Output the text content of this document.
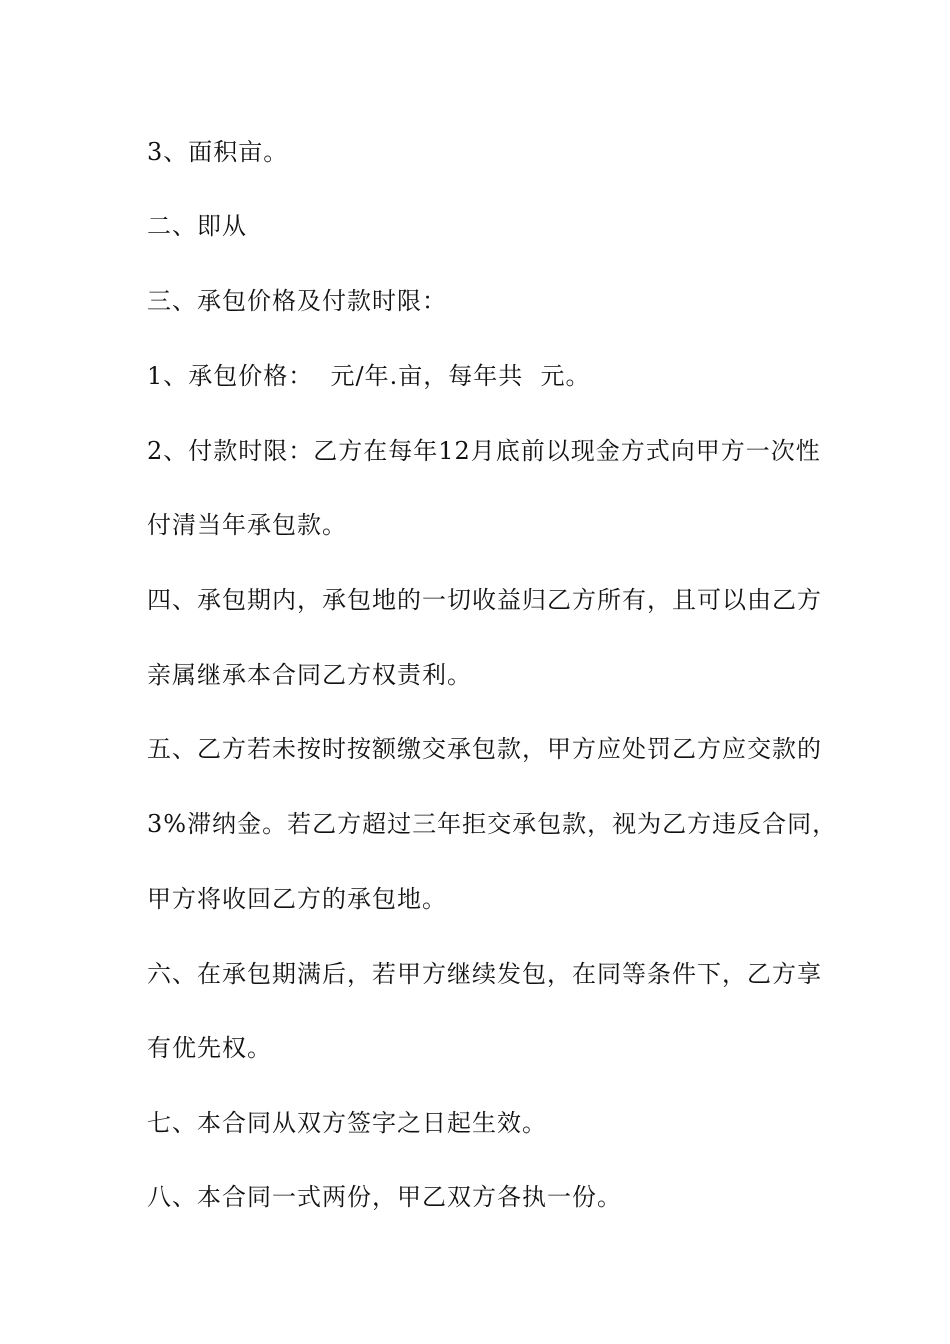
3、面积亩。
二、即从
三、承包价格及付款时限：
1、承包价格：  元/年.亩，每年共  元。
2、付款时限：乙方在每年12月底前以现金方式向甲方一次性
付清当年承包款。
四、承包期内，承包地的一切收益归乙方所有，且可以由乙方
亲属继承本合同乙方权责利。
五、乙方若未按时按额缴交承包款，甲方应处罚乙方应交款的
3%滞纳金。若乙方超过三年拒交承包款，视为乙方违反合同，
甲方将收回乙方的承包地。
六、在承包期满后，若甲方继续发包，在同等条件下，乙方享
有优先权。
七、本合同从双方签字之日起生效。
八、本合同一式两份，甲乙双方各执一份。
